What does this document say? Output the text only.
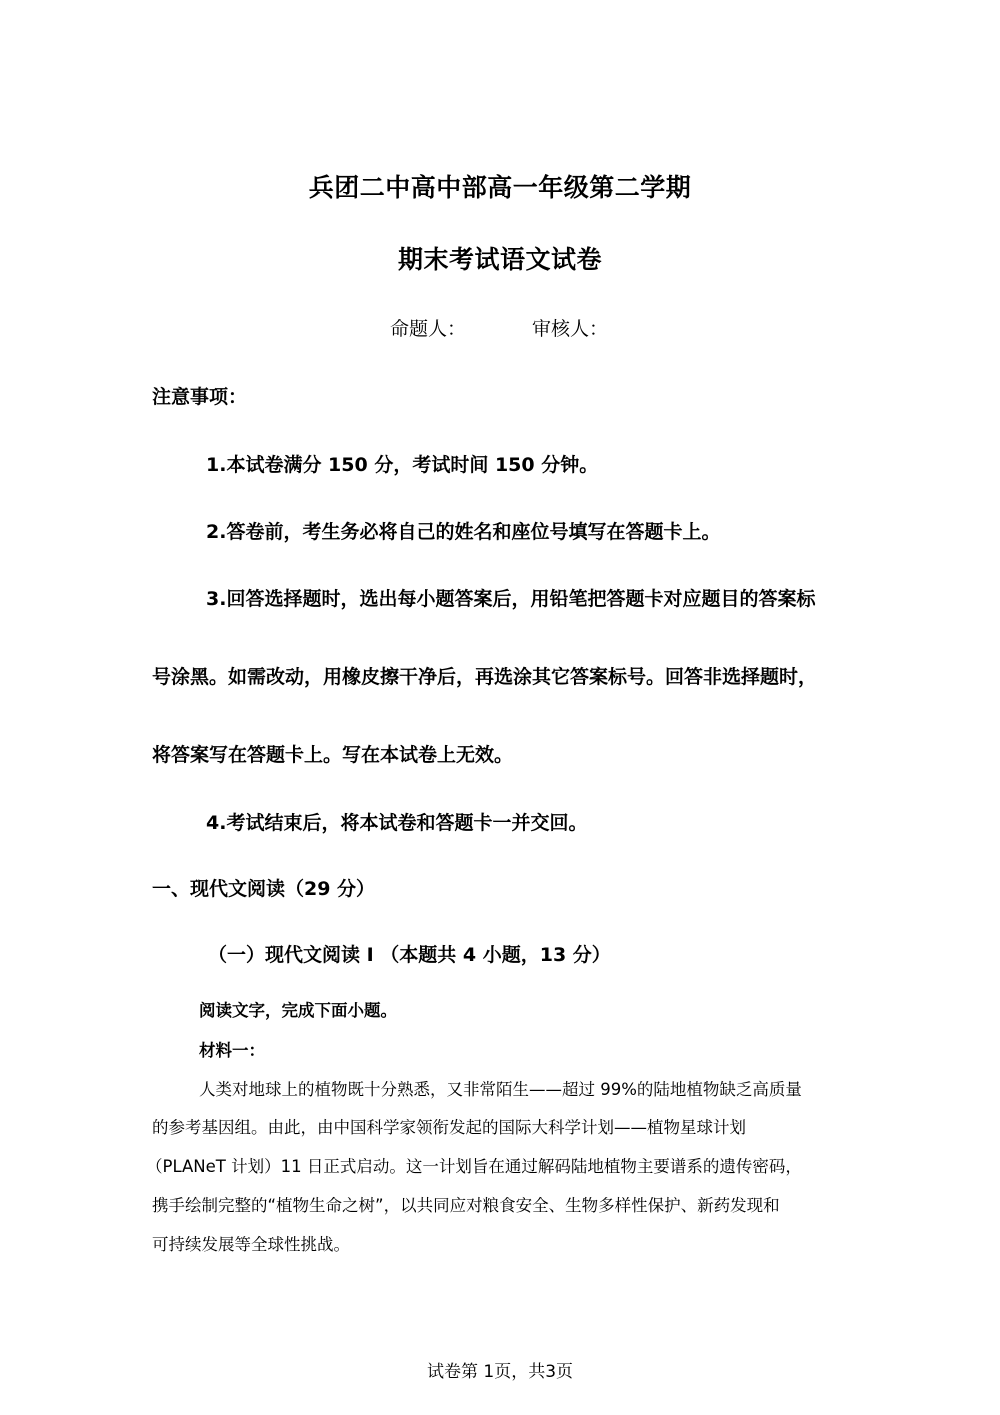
兵团二中高中部高一年级第二学期
期末考试语文试卷
命题人：	审核人：
注意事项：
1.本试卷满分 150 分，考试时间 150 分钟。
2.答卷前，考生务必将自己的姓名和座位号填写在答题卡上。
3.回答选择题时，选出每小题答案后，用铅笔把答题卡对应题目的答案标
号涂黑。如需改动，用橡皮擦干净后，再选涂其它答案标号。回答非选择题时，
将答案写在答题卡上。写在本试卷上无效。
4.考试结束后，将本试卷和答题卡一并交回。
一、现代文阅读（29 分）
（一）现代文阅读 I （本题共 4 小题，13 分）
阅读文字，完成下面小题。
材料一：
人类对地球上的植物既十分熟悉，又非常陌生——超过 99%的陆地植物缺乏高质量
的参考基因组。由此，由中国科学家领衔发起的国际大科学计划——植物星球计划
（PLANeT 计划）11 日正式启动。这一计划旨在通过解码陆地植物主要谱系的遗传密码，
携手绘制完整的“植物生命之树”，以共同应对粮食安全、生物多样性保护、新药发现和
可持续发展等全球性挑战。
试卷第 1页，共3页
